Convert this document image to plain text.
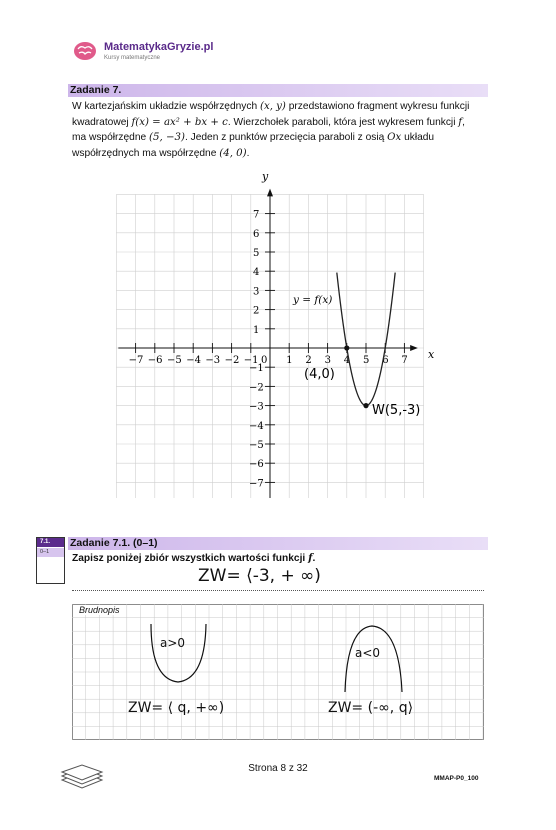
MatematykaGryzie.pl
Kursy matematyczne
Zadanie 7.
W kartezjańskim układzie współrzędnych (x, y) przedstawiono fragment wykresu funkcji
kwadratowej f(x) = ax² + bx + c. Wierzchołek paraboli, która jest wykresem funkcji f,
ma współrzędne (5, −3). Jeden z punktów przecięcia paraboli z osią Ox układu
współrzędnych ma współrzędne (4, 0).
−7 −6 −5 −4 −3 −2 −1 0 1 2 3 4 5 6 7
1
2
3
4
5
6
7
−1
−2
−3
−4
−5
−6
−7
y
x
y = f(x)
(4,0)
W(5,-3)
7.1.
0–1
Zadanie 7.1. (0–1)
Zapisz poniżej zbiór wszystkich wartości funkcji f.
ZW= ⟨-3, + ∞)
Brudnopis
a>0
a<0
ZW= ⟨ q, +∞)	ZW= (-∞, q⟩
Strona 8 z 32
MMAP-P0_100
